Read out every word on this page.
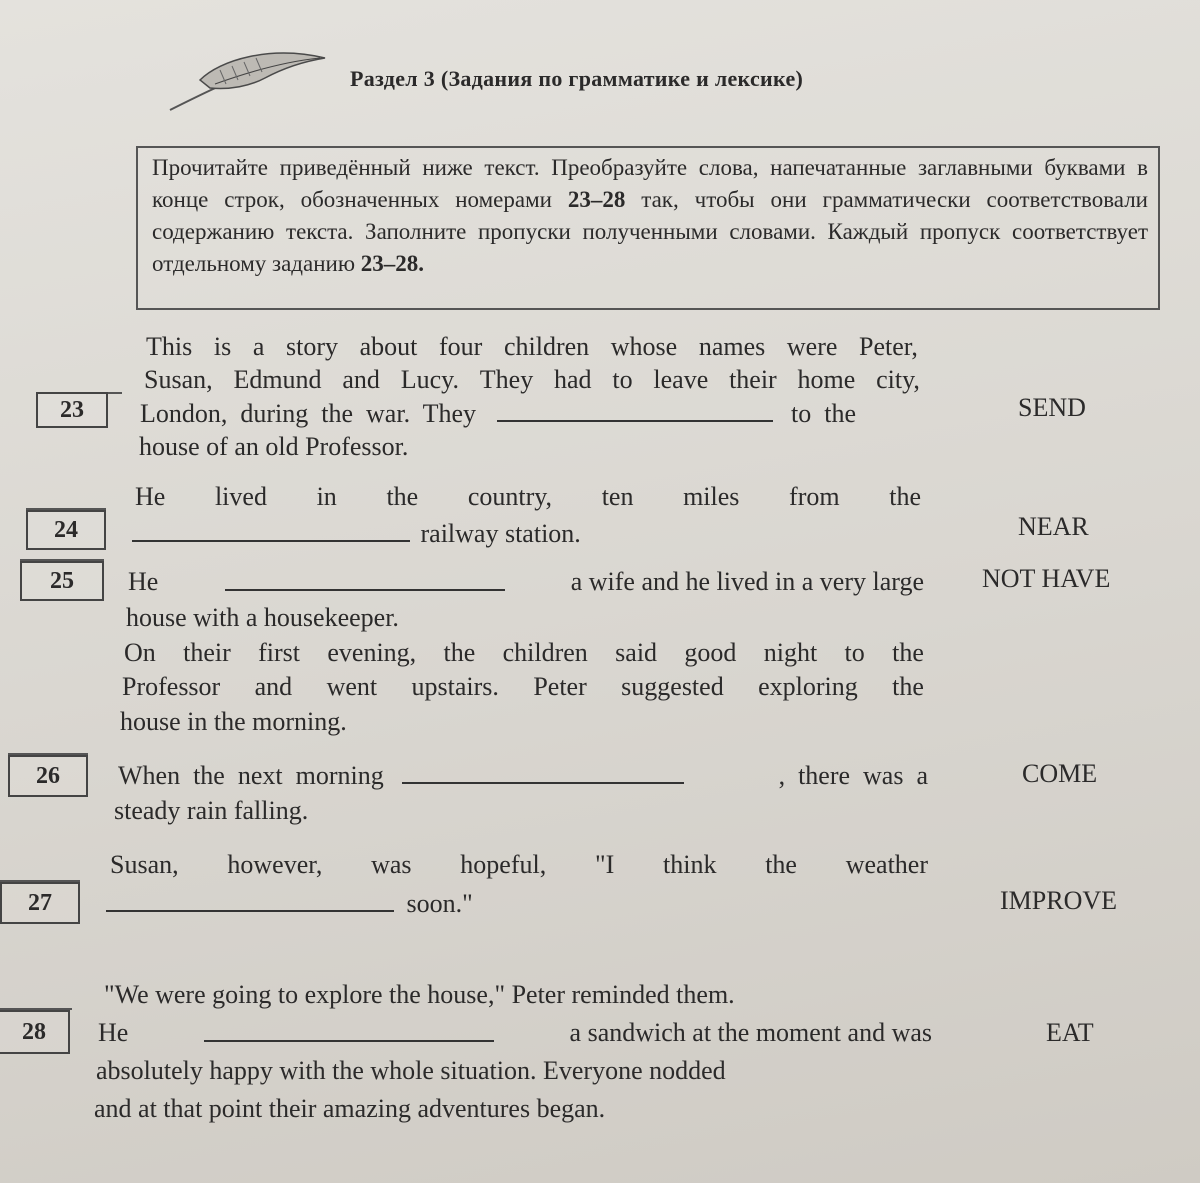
Раздел 3 (Задания по грамматике и лексике)
Прочитайте приведённый ниже текст. Преобразуйте слова, напечатанные заглавными буквами в конце строк, обозначенных номерами 23–28 так, чтобы они грамматически соответствовали содержанию текста. Заполните пропуски полученными словами. Каждый пропуск соответствует отдельному заданию 23–28.
This is a story about four children whose names were Peter,
Susan, Edmund and Lucy. They had to leave their home city,
23	London,  during  the  war.  They	to  the
house of an old Professor.
SEND
He lived in the country, ten miles from the
24	railway station.	NEAR
25	He	a wife and he lived in a very large
house with a housekeeper.
On their first evening, the children said good night to the
Professor and went upstairs. Peter suggested exploring the
house in the morning.
NOT HAVE
26	When  the  next  morning	,  there  was  a
steady rain falling.
COME
Susan, however, was hopeful, "I think the weather
27	soon."	IMPROVE
"We were going to explore the house," Peter reminded them.
28	He	a sandwich at the moment and was
absolutely happy with the whole situation. Everyone nodded
and at that point their amazing adventures began.
EAT
